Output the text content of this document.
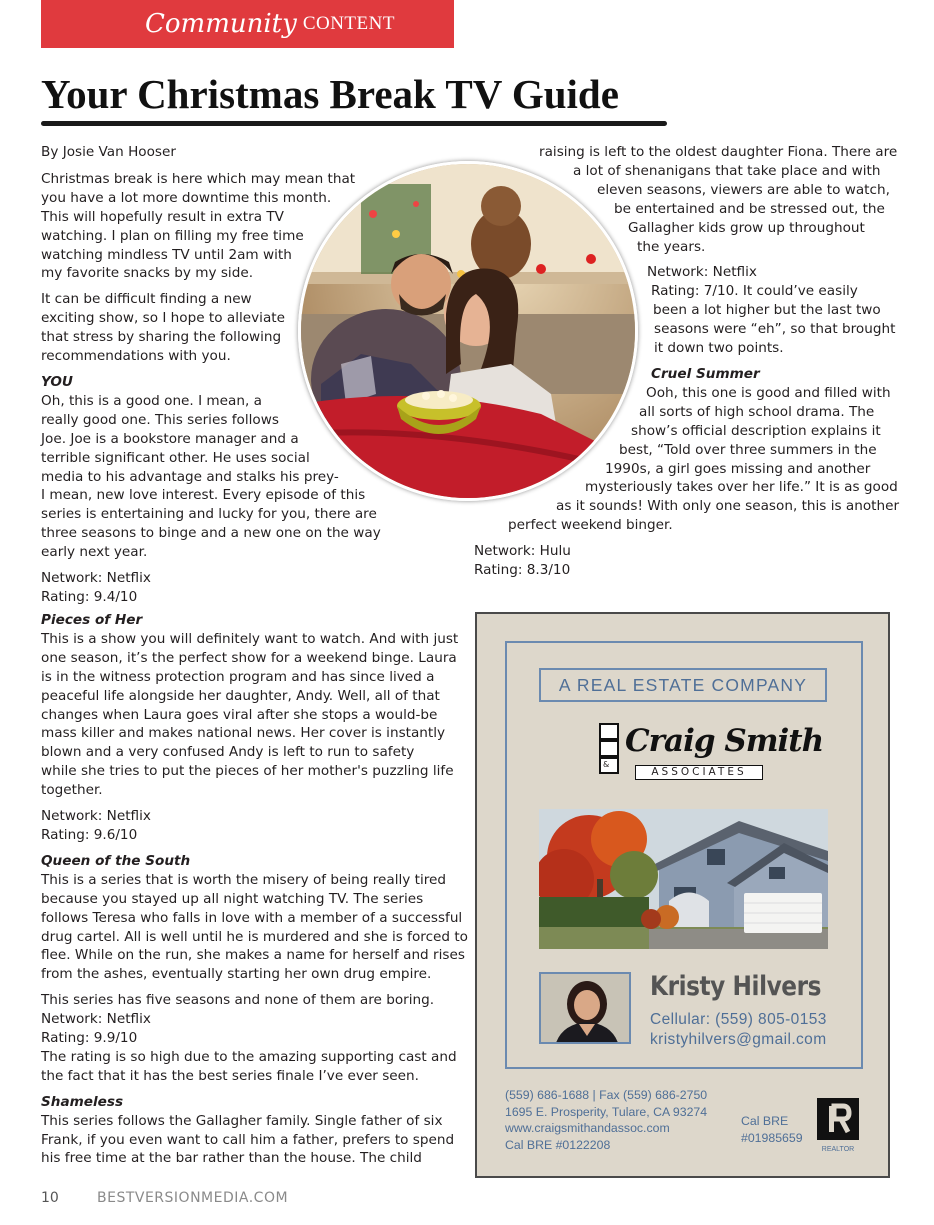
Community CONTENT
Your Christmas Break TV Guide

By Josie Van Hooser

Christmas break is here which may mean that
you have a lot more downtime this month.
This will hopefully result in extra TV
watching. I plan on filling my free time
watching mindless TV until 2am with
my favorite snacks by my side.

It can be difficult finding a new
exciting show, so I hope to alleviate
that stress by sharing the following
recommendations with you.

YOU
Oh, this is a good one. I mean, a
really good one. This series follows
Joe. Joe is a bookstore manager and a
terrible significant other. He uses social
media to his advantage and stalks his prey-
I mean, new love interest. Every episode of this
series is entertaining and lucky for you, there are
three seasons to binge and a new one on the way
early next year.

Network: Netflix
Rating: 9.4/10

Pieces of Her
This is a show you will definitely want to watch. And with just
one season, it’s the perfect show for a weekend binge. Laura
is in the witness protection program and has since lived a
peaceful life alongside her daughter, Andy. Well, all of that
changes when Laura goes viral after she stops a would-be
mass killer and makes national news. Her cover is instantly
blown and a very confused Andy is left to run to safety
while she tries to put the pieces of her mother's puzzling life
together.

Network: Netflix
Rating: 9.6/10

Queen of the South
This is a series that is worth the misery of being really tired
because you stayed up all night watching TV. The series
follows Teresa who falls in love with a member of a successful
drug cartel. All is well until he is murdered and she is forced to
flee. While on the run, she makes a name for herself and rises
from the ashes, eventually starting her own drug empire.

This series has five seasons and none of them are boring.
Network: Netflix
Rating: 9.9/10
The rating is so high due to the amazing supporting cast and
the fact that it has the best series finale I’ve ever seen.

Shameless
This series follows the Gallagher family. Single father of six
Frank, if you even want to call him a father, prefers to spend
his free time at the bar rather than the house. The child

raising is left to the oldest daughter Fiona. There are
a lot of shenanigans that take place and with
eleven seasons, viewers are able to watch,
be entertained and be stressed out, the
Gallagher kids grow up throughout
the years.
Network: Netflix
Rating: 7/10. It could’ve easily
been a lot higher but the last two
seasons were “eh”, so that brought
it down two points.
Cruel Summer
Ooh, this one is good and filled with
all sorts of high school drama. The
show’s official description explains it
best, “Told over three summers in the
1990s, a girl goes missing and another
mysteriously takes over her life.” It is as good
as it sounds! With only one season, this is another
perfect weekend binger.
Network: Hulu
Rating: 8.3/10
A REAL ESTATE COMPANY
&
Craig Smith
ASSOCIATES
Kristy Hilvers
Cellular: (559) 805-0153
kristyhilvers@gmail.com
(559) 686-1688 | Fax (559) 686-2750
1695 E. Prosperity, Tulare, CA 93274
www.craigsmithandassoc.com
Cal BRE #0122208
Cal BRE
#01985659
REALTOR
10	BESTVERSIONMEDIA.COM
